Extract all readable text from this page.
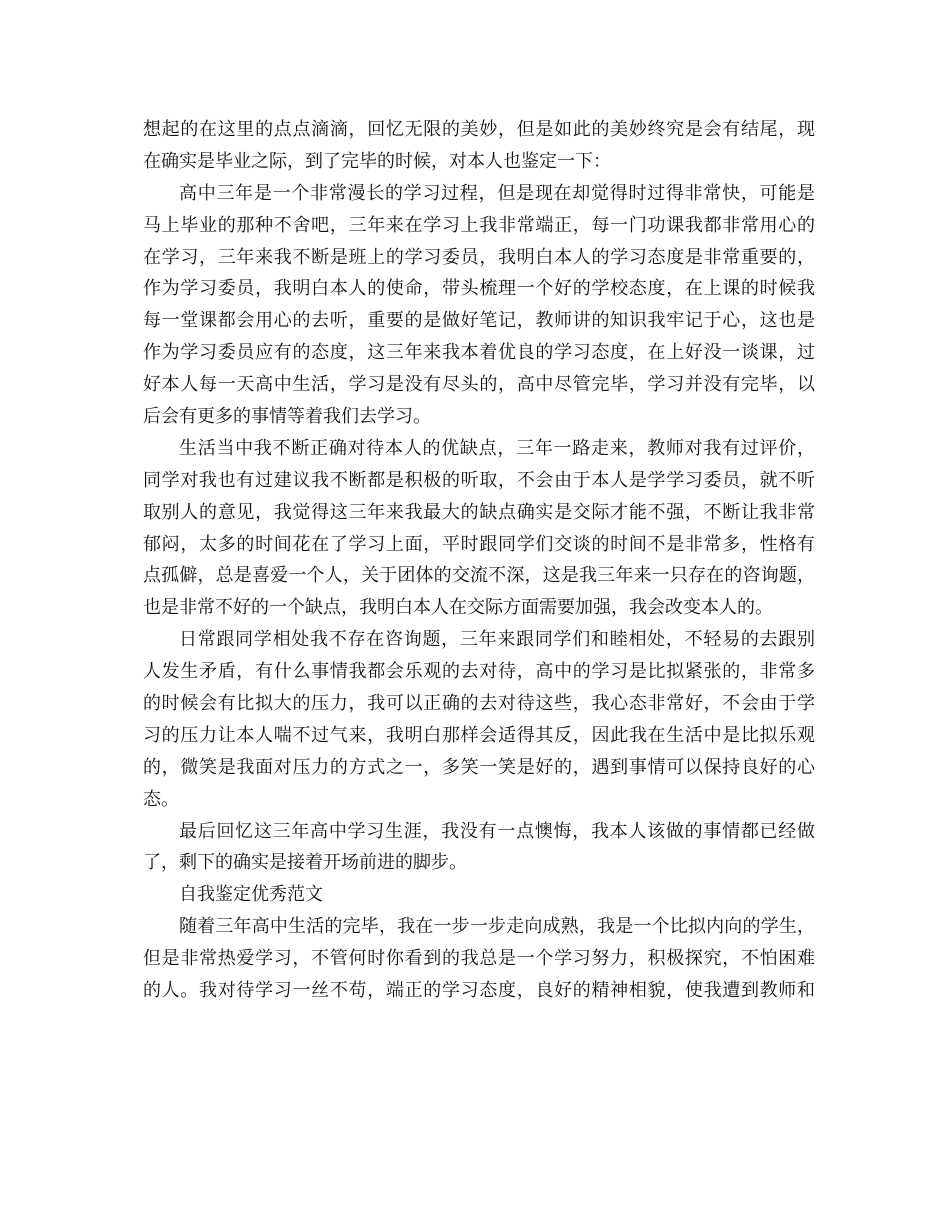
想起的在这里的点点滴滴，回忆无限的美妙，但是如此的美妙终究是会有结尾，现
在确实是毕业之际，到了完毕的时候，对本人也鉴定一下：
高中三年是一个非常漫长的学习过程，但是现在却觉得时过得非常快，可能是
马上毕业的那种不舍吧，三年来在学习上我非常端正，每一门功课我都非常用心的
在学习，三年来我不断是班上的学习委员，我明白本人的学习态度是非常重要的，
作为学习委员，我明白本人的使命，带头梳理一个好的学校态度，在上课的时候我
每一堂课都会用心的去听，重要的是做好笔记，教师讲的知识我牢记于心，这也是
作为学习委员应有的态度，这三年来我本着优良的学习态度，在上好没一谈课，过
好本人每一天高中生活，学习是没有尽头的，高中尽管完毕，学习并没有完毕，以
后会有更多的事情等着我们去学习。
生活当中我不断正确对待本人的优缺点，三年一路走来，教师对我有过评价，
同学对我也有过建议我不断都是积极的听取，不会由于本人是学学习委员，就不听
取别人的意见，我觉得这三年来我最大的缺点确实是交际才能不强，不断让我非常
郁闷，太多的时间花在了学习上面，平时跟同学们交谈的时间不是非常多，性格有
点孤僻，总是喜爱一个人，关于团体的交流不深，这是我三年来一只存在的咨询题，
也是非常不好的一个缺点，我明白本人在交际方面需要加强，我会改变本人的。
日常跟同学相处我不存在咨询题，三年来跟同学们和睦相处，不轻易的去跟别
人发生矛盾，有什么事情我都会乐观的去对待，高中的学习是比拟紧张的，非常多
的时候会有比拟大的压力，我可以正确的去对待这些，我心态非常好，不会由于学
习的压力让本人喘不过气来，我明白那样会适得其反，因此我在生活中是比拟乐观
的，微笑是我面对压力的方式之一，多笑一笑是好的，遇到事情可以保持良好的心
态。
最后回忆这三年高中学习生涯，我没有一点懊悔，我本人该做的事情都已经做
了，剩下的确实是接着开场前进的脚步。
自我鉴定优秀范文
随着三年高中生活的完毕，我在一步一步走向成熟，我是一个比拟内向的学生，
但是非常热爱学习，不管何时你看到的我总是一个学习努力，积极探究，不怕困难
的人。我对待学习一丝不苟，端正的学习态度，良好的精神相貌，使我遭到教师和
